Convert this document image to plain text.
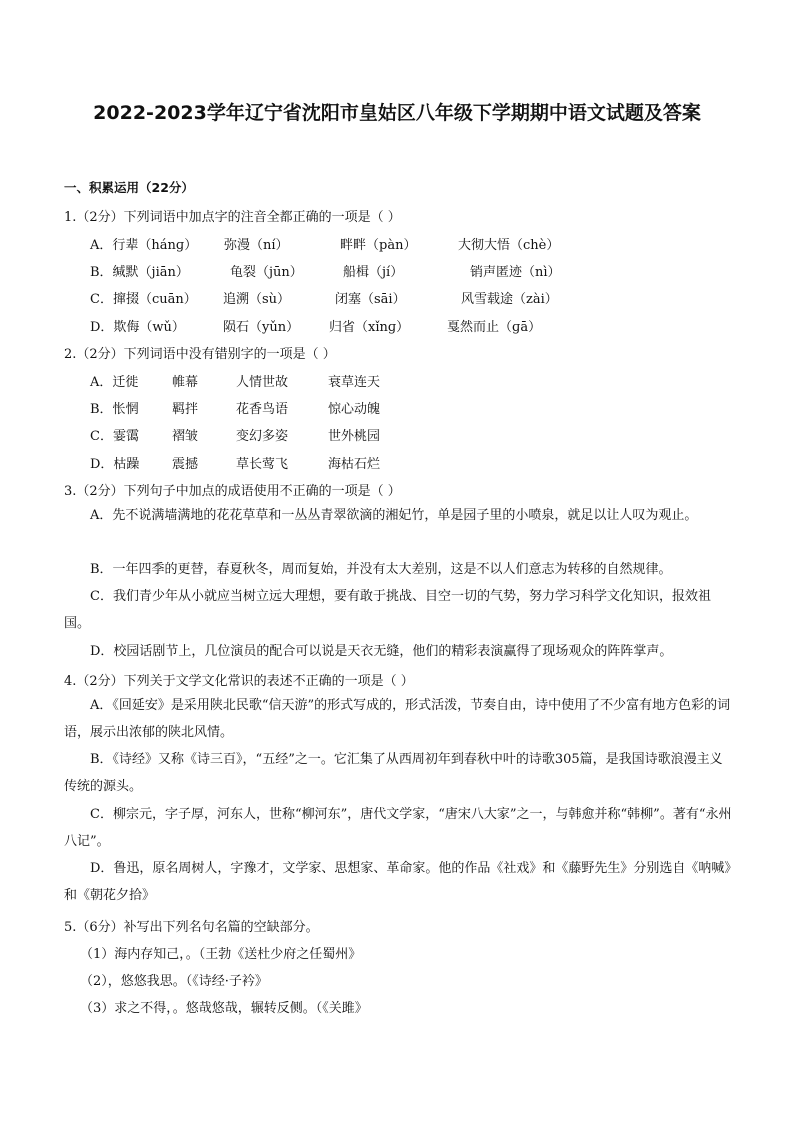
2022-2023学年辽宁省沈阳市皇姑区八年级下学期期中语文试题及答案
一、积累运用（22分）
1.（2分）下列词语中加点字的注音全都正确的一项是（ ）
A．行辈（hánɡ） 弥漫（ní）	畔畔（pàn）	大彻大悟（chè）
B．缄默（jiān）	龟裂（jūn）	船楫（jí）	销声匿迹（nì）
C．撺掇（cuān） 追溯（sù）	闭塞（sāi）	风雪载途（zài）
D．欺侮（wǔ）	陨石（yǔn） 归省（xǐnɡ）	戛然而止（ɡā）
2.（2分）下列词语中没有错别字的一项是（ ）
A．迁徙	帷幕	人情世故	衰草连天
B．怅惘	羁拌	花香鸟语	惊心动魄
C．霎霭	褶皱	变幻多姿	世外桃园
D．枯躁	震撼	草长莺飞	海枯石烂
3.（2分）下列句子中加点的成语使用不正确的一项是（ ）
A．先不说满墙满地的花花草草和一丛丛青翠欲滴的湘妃竹，单是园子里的小喷泉，就足以让人叹为观止。
B．一年四季的更替，春夏秋冬，周而复始，并没有太大差别，这是不以人们意志为转移的自然规律。
C．我们青少年从小就应当树立远大理想，要有敢于挑战、目空一切的气势，努力学习科学文化知识，报效祖国。
D．校园话剧节上，几位演员的配合可以说是天衣无缝，他们的精彩表演赢得了现场观众的阵阵掌声。
4.（2分）下列关于文学文化常识的表述不正确的一项是（ ）
A．《回延安》是采用陕北民歌“信天游”的形式写成的，形式活泼，节奏自由，诗中使用了不少富有地方色彩的词语，展示出浓郁的陕北风情。
B．《诗经》又称《诗三百》，“五经”之一。它汇集了从西周初年到春秋中叶的诗歌305篇，是我国诗歌浪漫主义传统的源头。
C．柳宗元，字子厚，河东人，世称“柳河东”，唐代文学家，“唐宋八大家”之一，与韩愈并称“韩柳”。著有“永州八记”。
D．鲁迅，原名周树人，字豫才，文学家、思想家、革命家。他的作品《社戏》和《藤野先生》分别选自《呐喊》和《朝花夕拾》
5.（6分）补写出下列名句名篇的空缺部分。
（1）海内存知己，。（王勃《送杜少府之任蜀州》
（2），悠悠我思。（《诗经·子衿》
（3）求之不得，。悠哉悠哉，辗转反侧。（《关雎》
